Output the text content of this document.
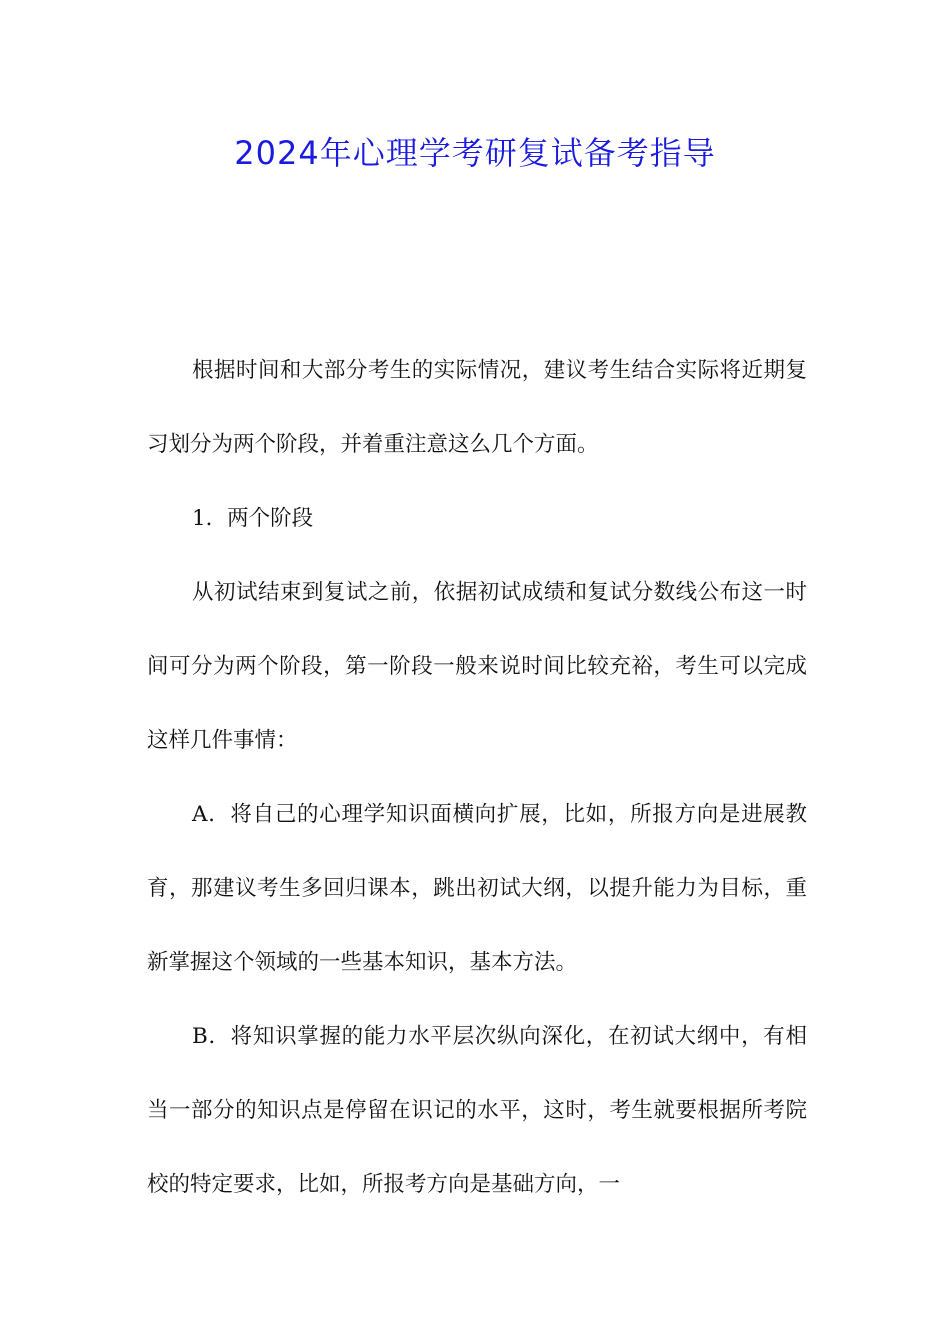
2024年心理学考研复试备考指导

根据时间和大部分考生的实际情况，建议考生结合实际将近期复习划分为两个阶段，并着重注意这么几个方面。

1．两个阶段

从初试结束到复试之前，依据初试成绩和复试分数线公布这一时间可分为两个阶段，第一阶段一般来说时间比较充裕，考生可以完成这样几件事情：

A．将自己的心理学知识面横向扩展，比如，所报方向是进展教育，那建议考生多回归课本，跳出初试大纲，以提升能力为目标，重新掌握这个领域的一些基本知识，基本方法。

B．将知识掌握的能力水平层次纵向深化，在初试大纲中，有相当一部分的知识点是停留在识记的水平，这时，考生就要根据所考院校的特定要求，比如，所报考方向是基础方向，一
